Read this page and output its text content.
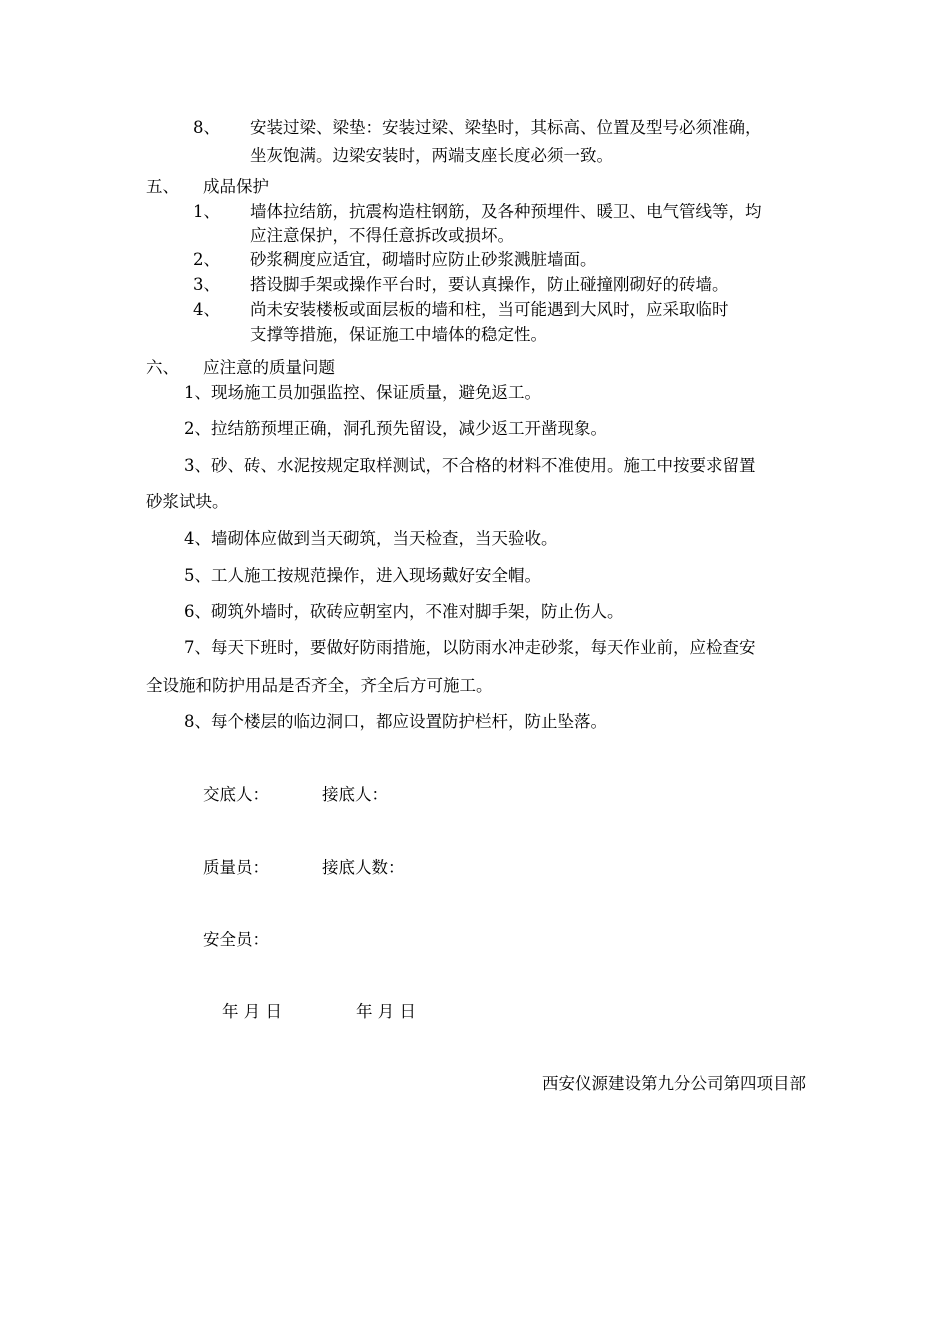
8、 安装过梁、梁垫：安装过梁、梁垫时，其标高、位置及型号必须准确，
坐灰饱满。边梁安装时，两端支座长度必须一致。
五、 成品保护
1、 墙体拉结筋，抗震构造柱钢筋，及各种预埋件、暖卫、电气管线等，均
应注意保护，不得任意拆改或损坏。
2、 砂浆稠度应适宜，砌墙时应防止砂浆溅脏墙面。
3、 搭设脚手架或操作平台时，要认真操作，防止碰撞刚砌好的砖墙。
4、 尚未安装楼板或面层板的墙和柱，当可能遇到大风时，应采取临时
支撑等措施，保证施工中墙体的稳定性。
六、 应注意的质量问题
1、现场施工员加强监控、保证质量，避免返工。
2、拉结筋预埋正确，洞孔预先留设，减少返工开凿现象。
3、砂、砖、水泥按规定取样测试，不合格的材料不准使用。施工中按要求留置
砂浆试块。
4、墙砌体应做到当天砌筑，当天检查，当天验收。
5、工人施工按规范操作，进入现场戴好安全帽。
6、砌筑外墙时，砍砖应朝室内，不准对脚手架，防止伤人。
7、每天下班时，要做好防雨措施，以防雨水冲走砂浆，每天作业前，应检查安
全设施和防护用品是否齐全，齐全后方可施工。
8、每个楼层的临边洞口，都应设置防护栏杆，防止坠落。
交底人：	接底人：
质量员：	接底人数：
安全员：
年 月 日	年 月 日
西安仪源建设第九分公司第四项目部
